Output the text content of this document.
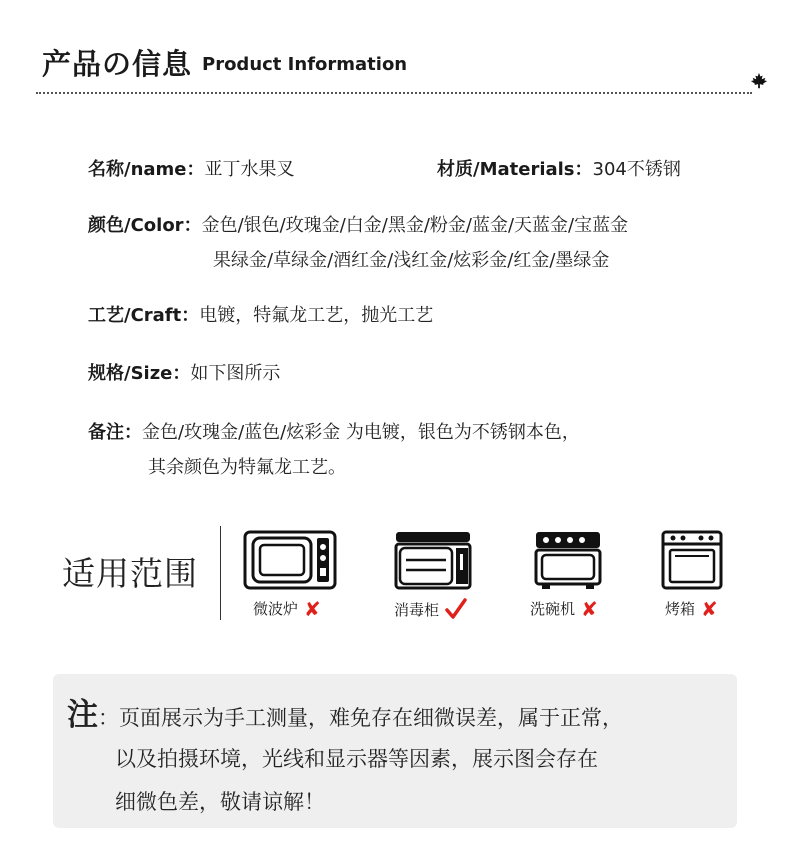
产品の信息 Product Information
名称/name：亚丁水果叉	材质/Materials：304不锈钢
颜色/Color：金色/银色/玫瑰金/白金/黑金/粉金/蓝金/天蓝金/宝蓝金
果绿金/草绿金/酒红金/浅红金/炫彩金/红金/墨绿金
工艺/Craft：电镀，特氟龙工艺，抛光工艺
规格/Size：如下图所示
备注：金色/玫瑰金/蓝色/炫彩金 为电镀，银色为不锈钢本色，
其余颜色为特氟龙工艺。
适用范围
微波炉 ✘	消毒柜	洗碗机 ✘	烤箱 ✘
注：页面展示为手工测量，难免存在细微误差，属于正常，
以及拍摄环境，光线和显示器等因素，展示图会存在
细微色差，敬请谅解！
